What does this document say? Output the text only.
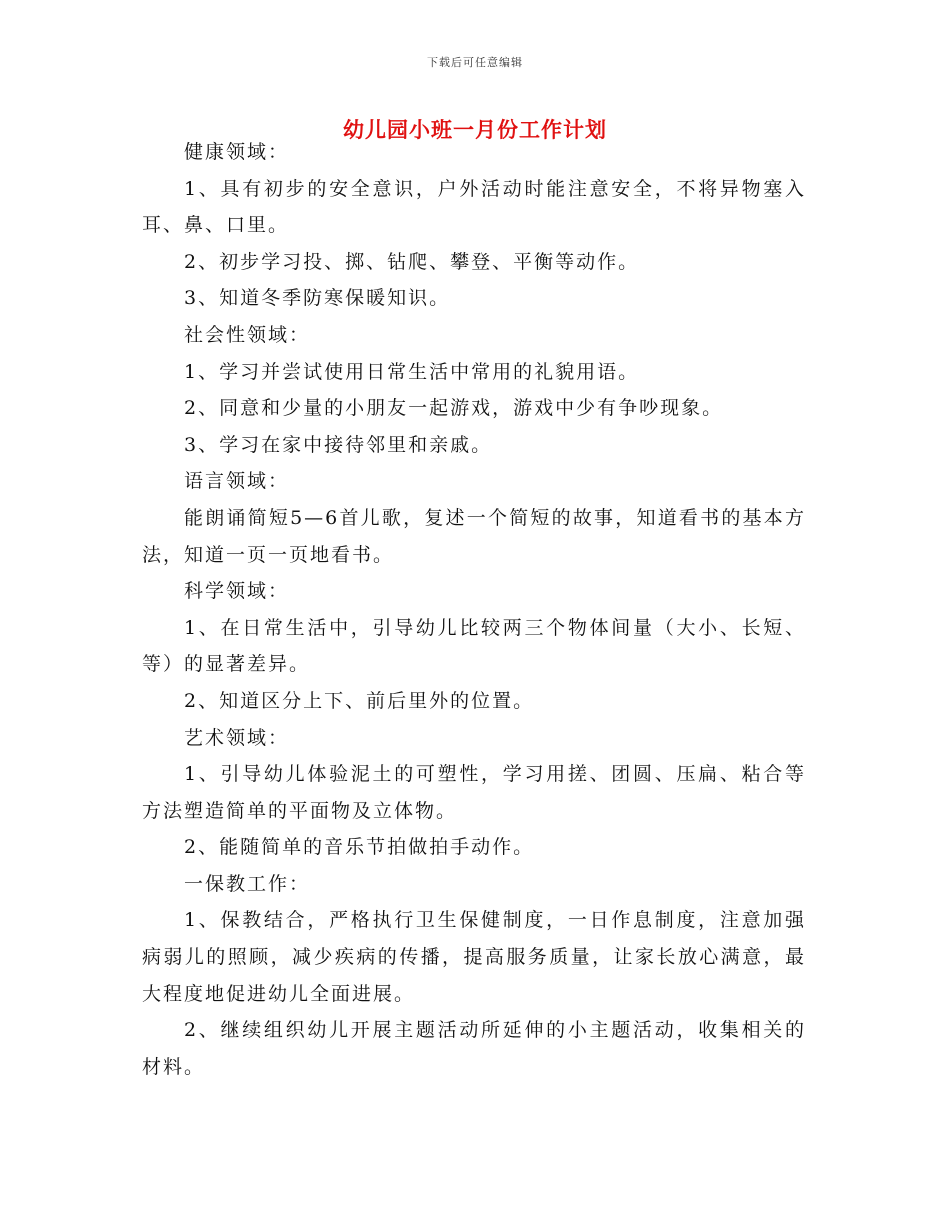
下载后可任意编辑
幼儿园小班一月份工作计划

健康领域：

1、具有初步的安全意识，户外活动时能注意安全，不将异物塞入耳、鼻、口里。

2、初步学习投、掷、钻爬、攀登、平衡等动作。

3、知道冬季防寒保暖知识。

社会性领域：

1、学习并尝试使用日常生活中常用的礼貌用语。

2、同意和少量的小朋友一起游戏，游戏中少有争吵现象。

3、学习在家中接待邻里和亲戚。

语言领域：

能朗诵简短5—6首儿歌，复述一个简短的故事，知道看书的基本方法，知道一页一页地看书。

科学领域：

1、在日常生活中，引导幼儿比较两三个物体间量（大小、长短、等）的显著差异。

2、知道区分上下、前后里外的位置。

艺术领域：

1、引导幼儿体验泥土的可塑性，学习用搓、团圆、压扁、粘合等方法塑造简单的平面物及立体物。

2、能随简单的音乐节拍做拍手动作。

一保教工作：

1、保教结合，严格执行卫生保健制度，一日作息制度，注意加强病弱儿的照顾，减少疾病的传播，提高服务质量，让家长放心满意，最大程度地促进幼儿全面进展。

2、继续组织幼儿开展主题活动所延伸的小主题活动，收集相关的材料。
